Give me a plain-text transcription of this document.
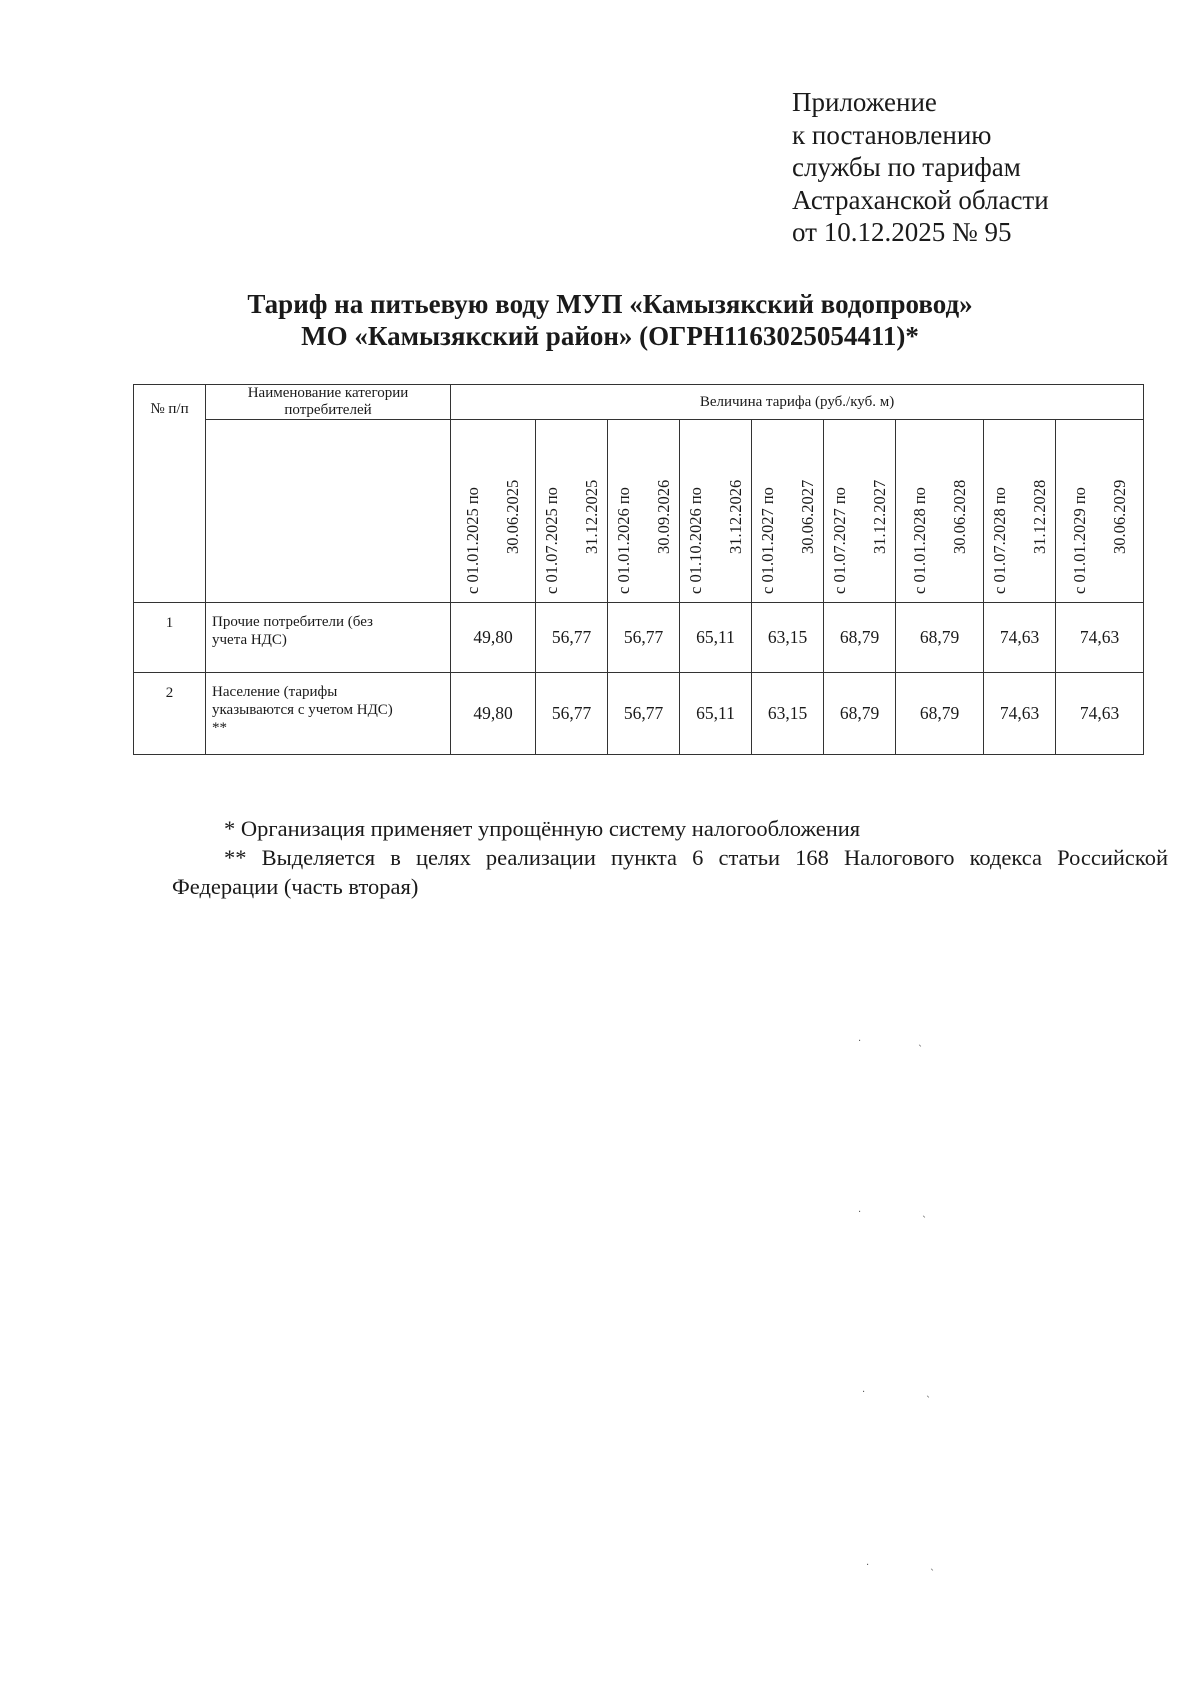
Приложение
к постановлению
службы по тарифам
Астраханской области
от 10.12.2025 № 95
Тариф на питьевую воду МУП «Камызякский водопровод»
МО «Камызякский район» (ОГРН1163025054411)*
№ п/п	Наименование категории потребителей	Величина тарифа (руб./куб. м)								

		с 01.01.2025 по 30.06.2025	с 01.07.2025 по 31.12.2025	с 01.01.2026 по 30.09.2026	с 01.10.2026 по 31.12.2026	с 01.01.2027 по 30.06.2027	с 01.07.2027 по 31.12.2027	с 01.01.2028 по 30.06.2028	с 01.07.2028 по 31.12.2028	с 01.01.2029 по 30.06.2029

1	Прочие потребители (без
учета НДС)	49,80	56,77	56,77	65,11	63,15	68,79	68,79	74,63	74,63
2	Население (тарифы
указываются с учетом НДС)
**	49,80	56,77	56,77	65,11	63,15	68,79	68,79	74,63	74,63
* Организация применяет упрощённую систему налогообложения
** Выделяется в целях реализации пункта 6 статьи 168 Налогового кодекса Российской
Федерации (часть вторая)
·	ˎ
·	ˎ
·	ˎ
·	ˎ
